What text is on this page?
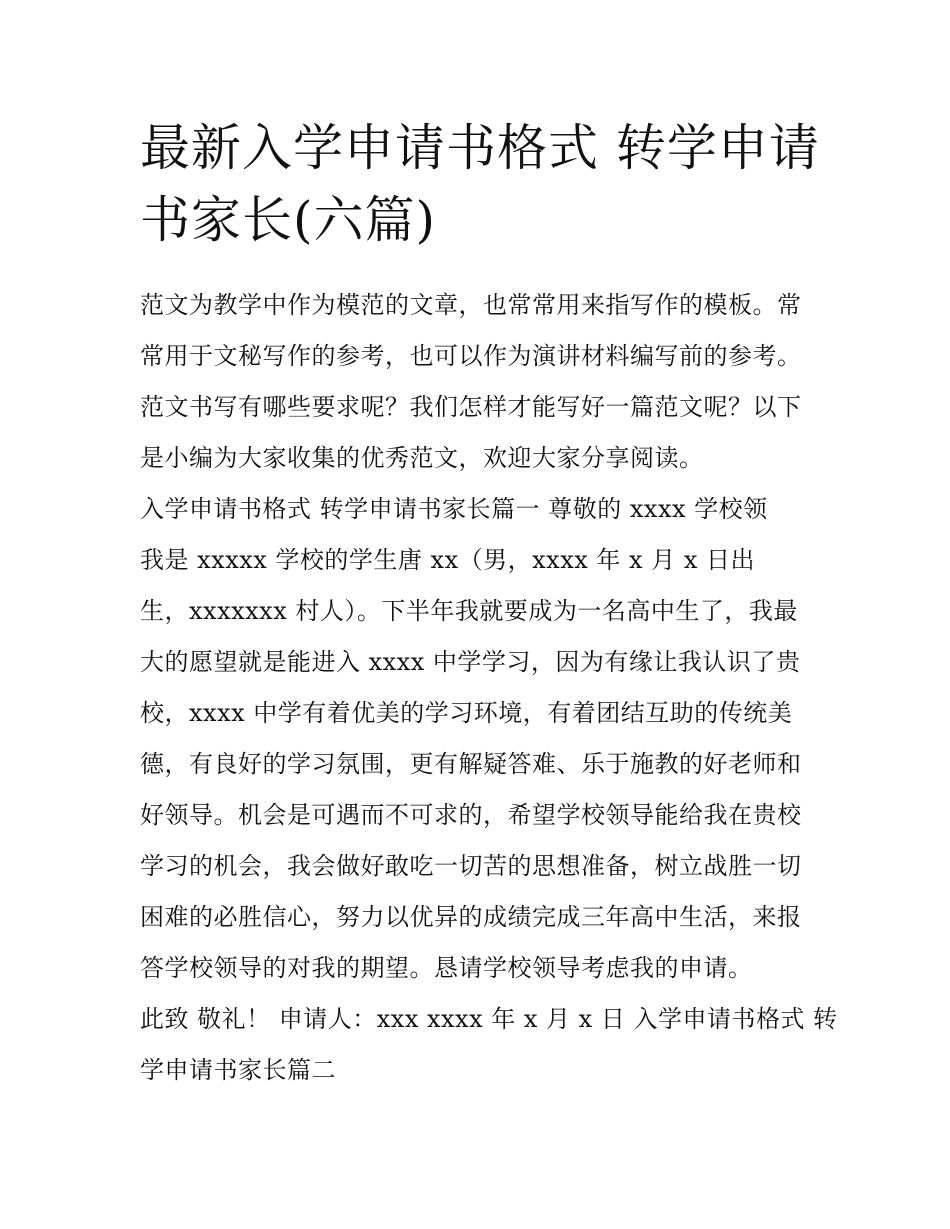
最新入学申请书格式 转学申请
书家长(六篇)
范文为教学中作为模范的文章，也常常用来指写作的模板。常
常用于文秘写作的参考，也可以作为演讲材料编写前的参考。
范文书写有哪些要求呢？我们怎样才能写好一篇范文呢？以下
是小编为大家收集的优秀范文，欢迎大家分享阅读。
入学申请书格式 转学申请书家长篇一 尊敬的 xxxx 学校领
我是 xxxxx 学校的学生唐 xx（男，xxxx 年 x 月 x 日出
生，xxxxxxx 村人）。下半年我就要成为一名高中生了，我最
大的愿望就是能进入 xxxx 中学学习，因为有缘让我认识了贵
校，xxxx 中学有着优美的学习环境，有着团结互助的传统美
德，有良好的学习氛围，更有解疑答难、乐于施教的好老师和
好领导。机会是可遇而不可求的，希望学校领导能给我在贵校
学习的机会，我会做好敢吃一切苦的思想准备，树立战胜一切
困难的必胜信心，努力以优异的成绩完成三年高中生活，来报
答学校领导的对我的期望。恳请学校领导考虑我的申请。
此致 敬礼！ 申请人：xxx xxxx 年 x 月 x 日 入学申请书格式 转
学申请书家长篇二
